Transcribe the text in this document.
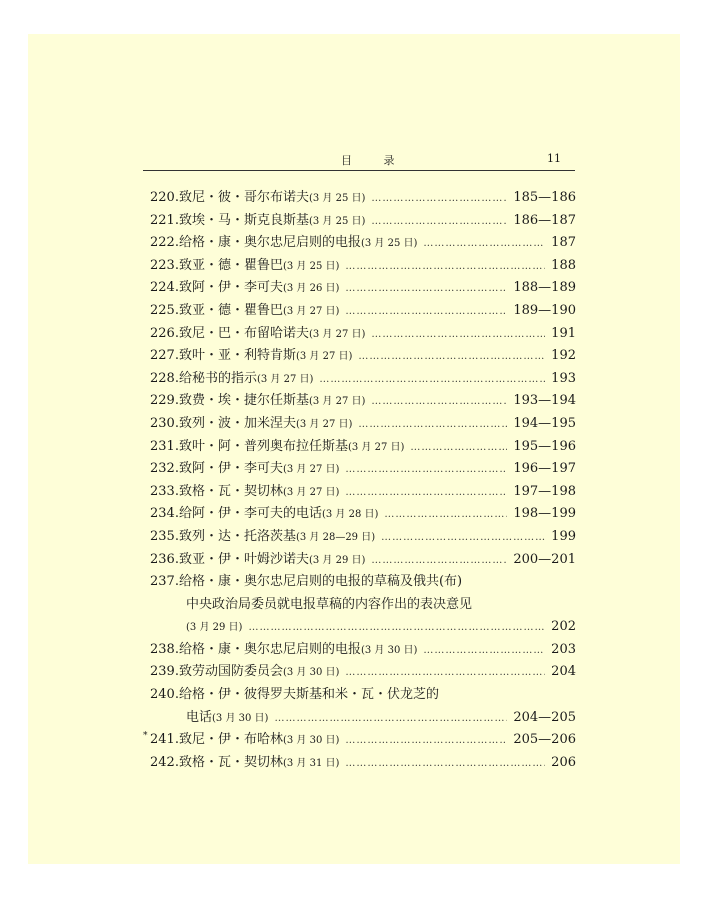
目 录	11
220. 致尼・彼・哥尔布诺夫 (3 月 25 日) …………………………………………………………………………………………………………………………	185—186
221. 致埃・马・斯克良斯基 (3 月 25 日) …………………………………………………………………………………………………………………………	186—187
222. 给格・康・奥尔忠尼启则的电报 (3 月 25 日) …………………………………………………………………………………………………………………………	187
223. 致亚・德・瞿鲁巴 (3 月 25 日) …………………………………………………………………………………………………………………………	188
224. 致阿・伊・李可夫 (3 月 26 日) …………………………………………………………………………………………………………………………	188—189
225. 致亚・德・瞿鲁巴 (3 月 27 日) …………………………………………………………………………………………………………………………	189—190
226. 致尼・巴・布留哈诺夫 (3 月 27 日) …………………………………………………………………………………………………………………………	191
227. 致叶・亚・利特肯斯 (3 月 27 日) …………………………………………………………………………………………………………………………	192
228. 给秘书的指示 (3 月 27 日) …………………………………………………………………………………………………………………………	193
229. 致费・埃・捷尔任斯基 (3 月 27 日) …………………………………………………………………………………………………………………………	193—194
230. 致列・波・加米涅夫 (3 月 27 日) …………………………………………………………………………………………………………………………	194—195
231. 致叶・阿・普列奥布拉任斯基 (3 月 27 日) …………………………………………………………………………………………………………………………	195—196
232. 致阿・伊・李可夫 (3 月 27 日) …………………………………………………………………………………………………………………………	196—197
233. 致格・瓦・契切林 (3 月 27 日) …………………………………………………………………………………………………………………………	197—198
234. 给阿・伊・李可夫的电话 (3 月 28 日) …………………………………………………………………………………………………………………………	198—199
235. 致列・达・托洛茨基 (3 月 28—29 日) …………………………………………………………………………………………………………………………	199
236. 致亚・伊・叶姆沙诺夫 (3 月 29 日) …………………………………………………………………………………………………………………………	200—201
237. 给格・康・奥尔忠尼启则的电报的草稿及俄共(布)
中央政治局委员就电报草稿的内容作出的表决意见
(3 月 29 日) …………………………………………………………………………………………………………………………	202
238. 给格・康・奥尔忠尼启则的电报 (3 月 30 日) …………………………………………………………………………………………………………………………	203
239. 致劳动国防委员会 (3 月 30 日) …………………………………………………………………………………………………………………………	204
240. 给格・伊・彼得罗夫斯基和米・瓦・伏龙芝的
电话 (3 月 30 日) …………………………………………………………………………………………………………………………	204—205
* 241. 致尼・伊・布哈林 (3 月 30 日) …………………………………………………………………………………………………………………………	205—206
242. 致格・瓦・契切林 (3 月 31 日) …………………………………………………………………………………………………………………………	206
